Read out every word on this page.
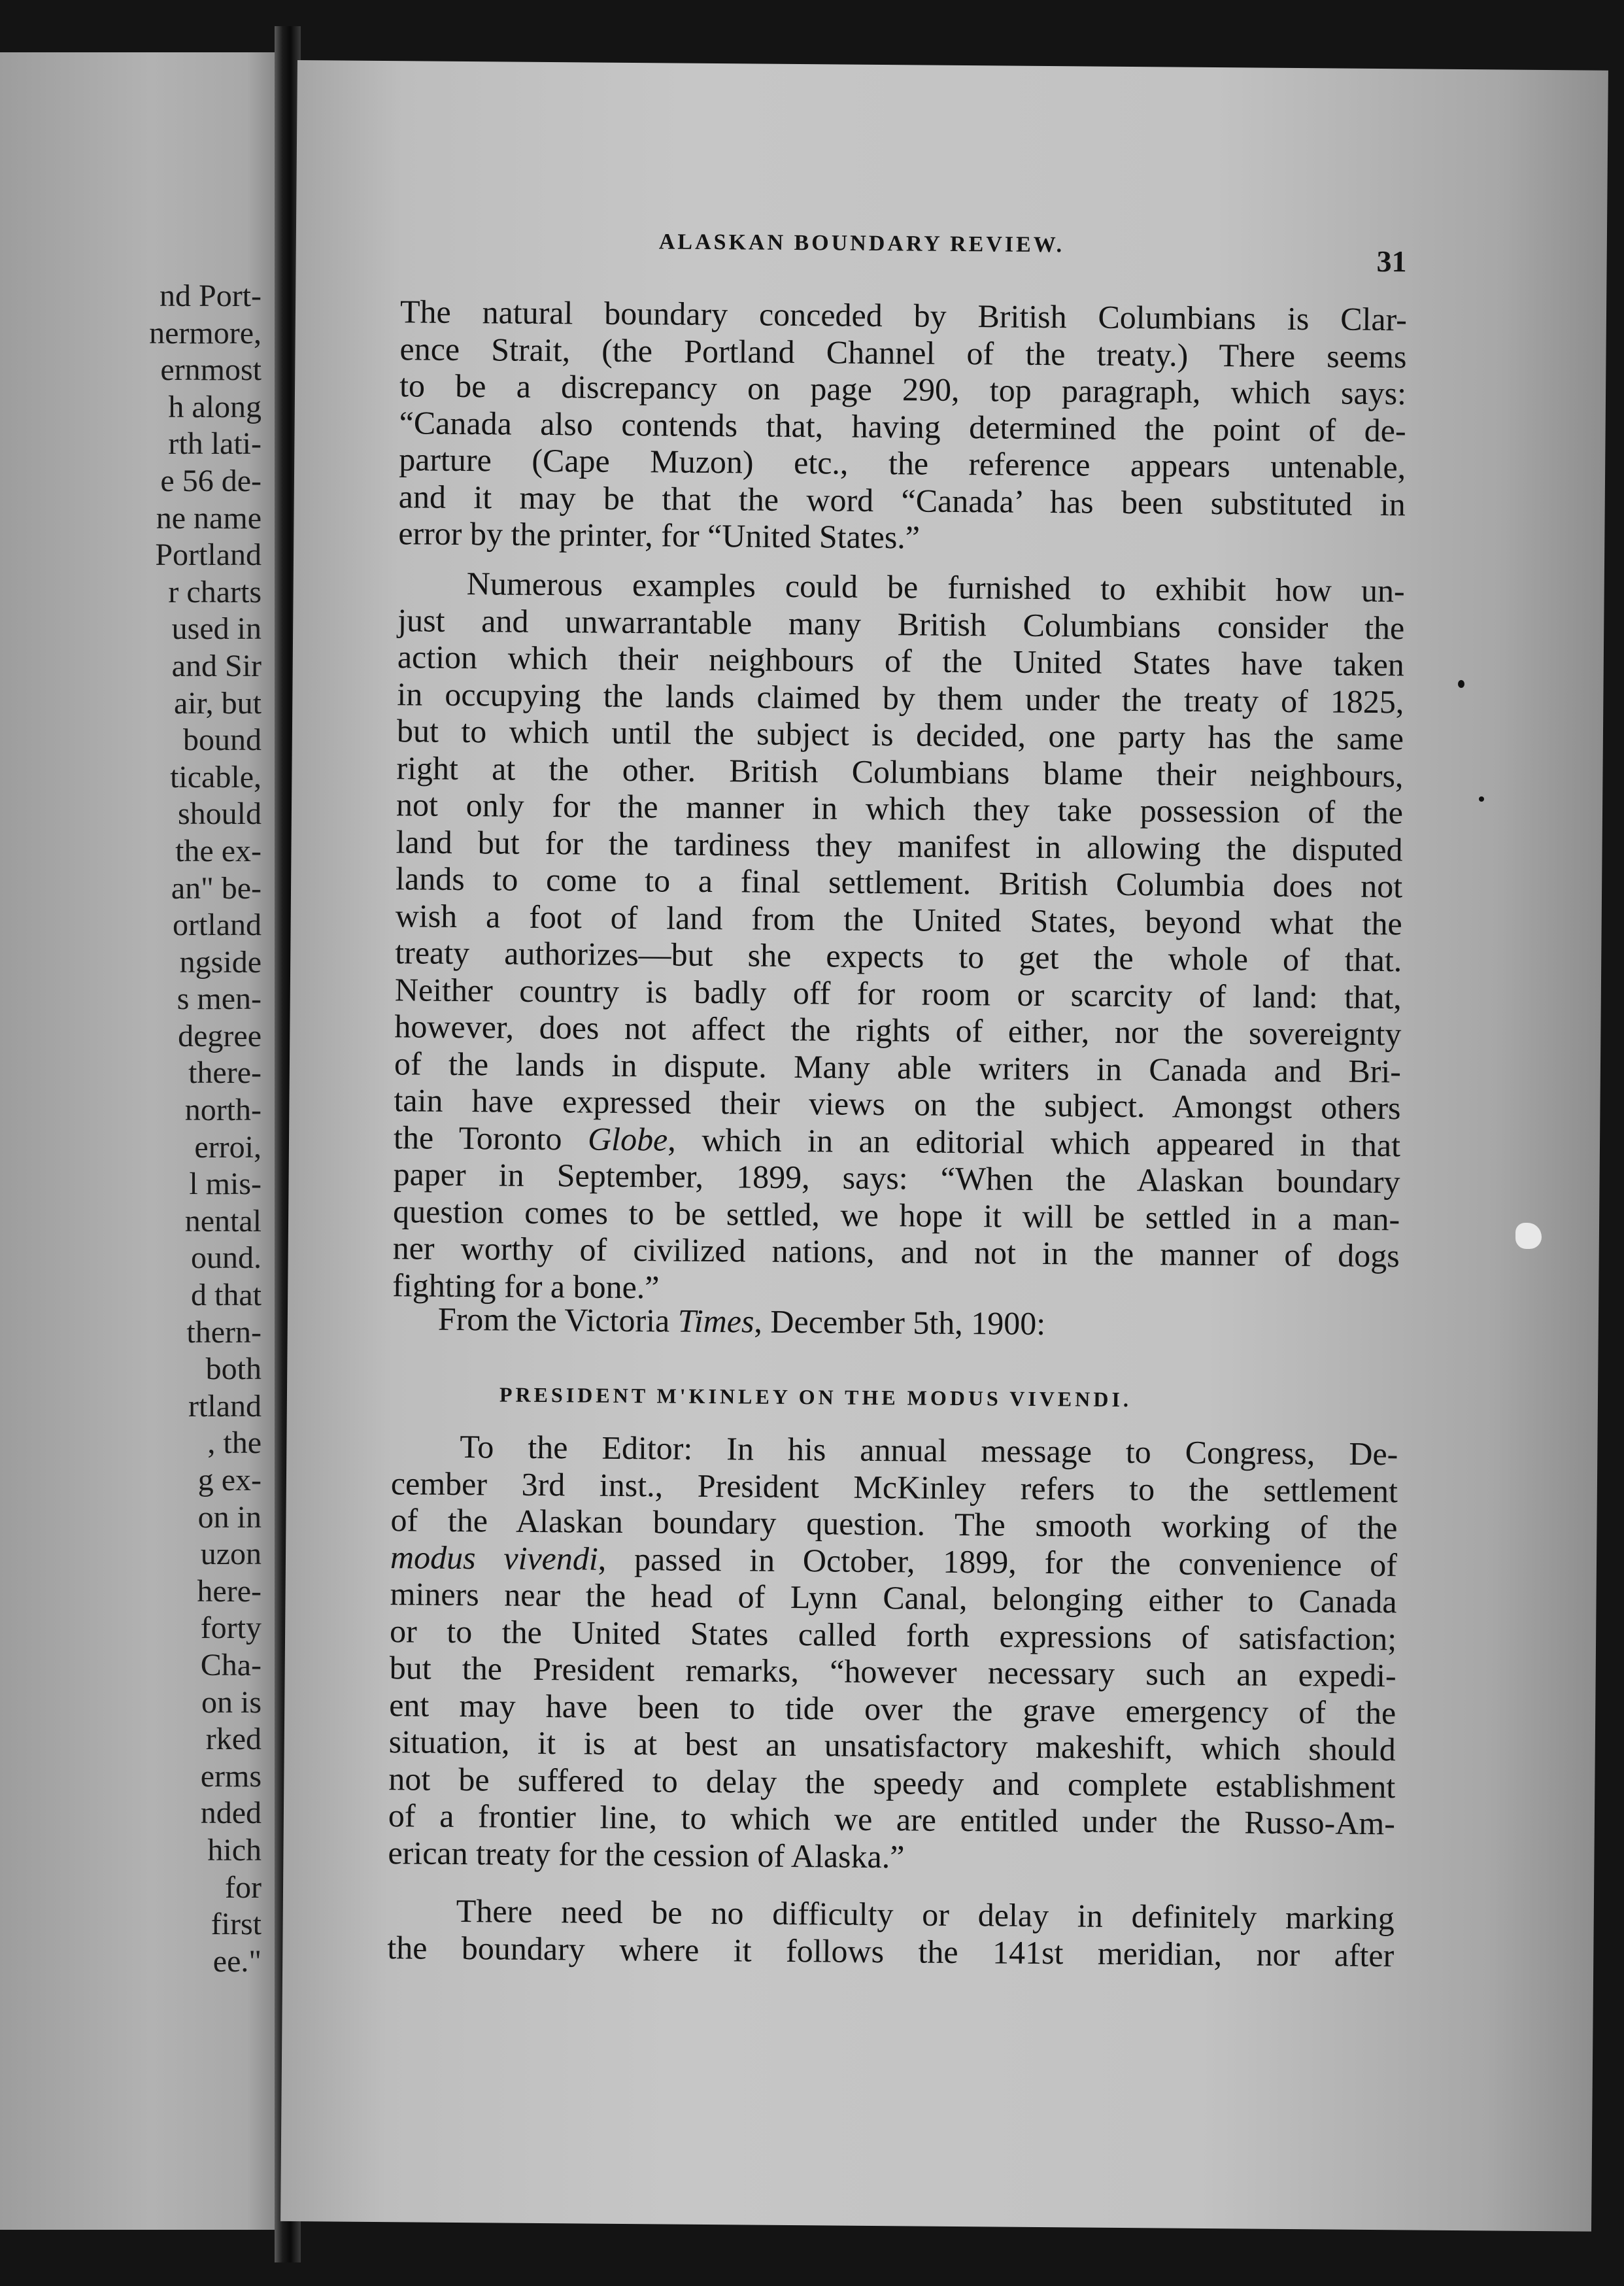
nd Port-
nermore,
ernmost
h along
rth lati-
e 56 de-
ne name
Portland
r charts
used in
and Sir
air, but
bound
ticable,
should
the ex-
an" be-
ortland
ngside
s men-
degree
there-
north-
erroi,
l mis-
nental
ound.
d that
thern-
both
rtland
, the
g ex-
on in
uzon
here-
forty
Cha-
on is
rked
erms
nded
hich
for
first
ee."
ALASKAN BOUNDARY REVIEW.
31
The natural boundary conceded by British Columbians is Clar-
ence Strait, (the Portland Channel of the treaty.) There seems
to be a discrepancy on page 290, top paragraph, which says:
“Canada also contends that, having determined the point of de-
parture (Cape Muzon) etc., the reference appears untenable,
and it may be that the word “Canada’ has been substituted in
error by the printer, for “United States.”
Numerous examples could be furnished to exhibit how un-
just and unwarrantable many British Columbians consider the
action which their neighbours of the United States have taken
in occupying the lands claimed by them under the treaty of 1825,
but to which until the subject is decided, one party has the same
right at the other. British Columbians blame their neighbours,
not only for the manner in which they take possession of the
land but for the tardiness they manifest in allowing the disputed
lands to come to a final settlement. British Columbia does not
wish a foot of land from the United States, beyond what the
treaty authorizes—but she expects to get the whole of that.
Neither country is badly off for room or scarcity of land: that,
however, does not affect the rights of either, nor the sovereignty
of the lands in dispute. Many able writers in Canada and Bri-
tain have expressed their views on the subject. Amongst others
the Toronto Globe, which in an editorial which appeared in that
paper in September, 1899, says: “When the Alaskan boundary
question comes to be settled, we hope it will be settled in a man-
ner worthy of civilized nations, and not in the manner of dogs
fighting for a bone.”
From the Victoria Times, December 5th, 1900:
PRESIDENT M'KINLEY ON THE MODUS VIVENDI.
To the Editor: In his annual message to Congress, De-
cember 3rd inst., President McKinley refers to the settlement
of the Alaskan boundary question. The smooth working of the
modus vivendi, passed in October, 1899, for the convenience of
miners near the head of Lynn Canal, belonging either to Canada
or to the United States called forth expressions of satisfaction;
but the President remarks, “however necessary such an expedi-
ent may have been to tide over the grave emergency of the
situation, it is at best an unsatisfactory makeshift, which should
not be suffered to delay the speedy and complete establishment
of a frontier line, to which we are entitled under the Russo-Am-
erican treaty for the cession of Alaska.”
There need be no difficulty or delay in definitely marking
the boundary where it follows the 141st meridian, nor after
